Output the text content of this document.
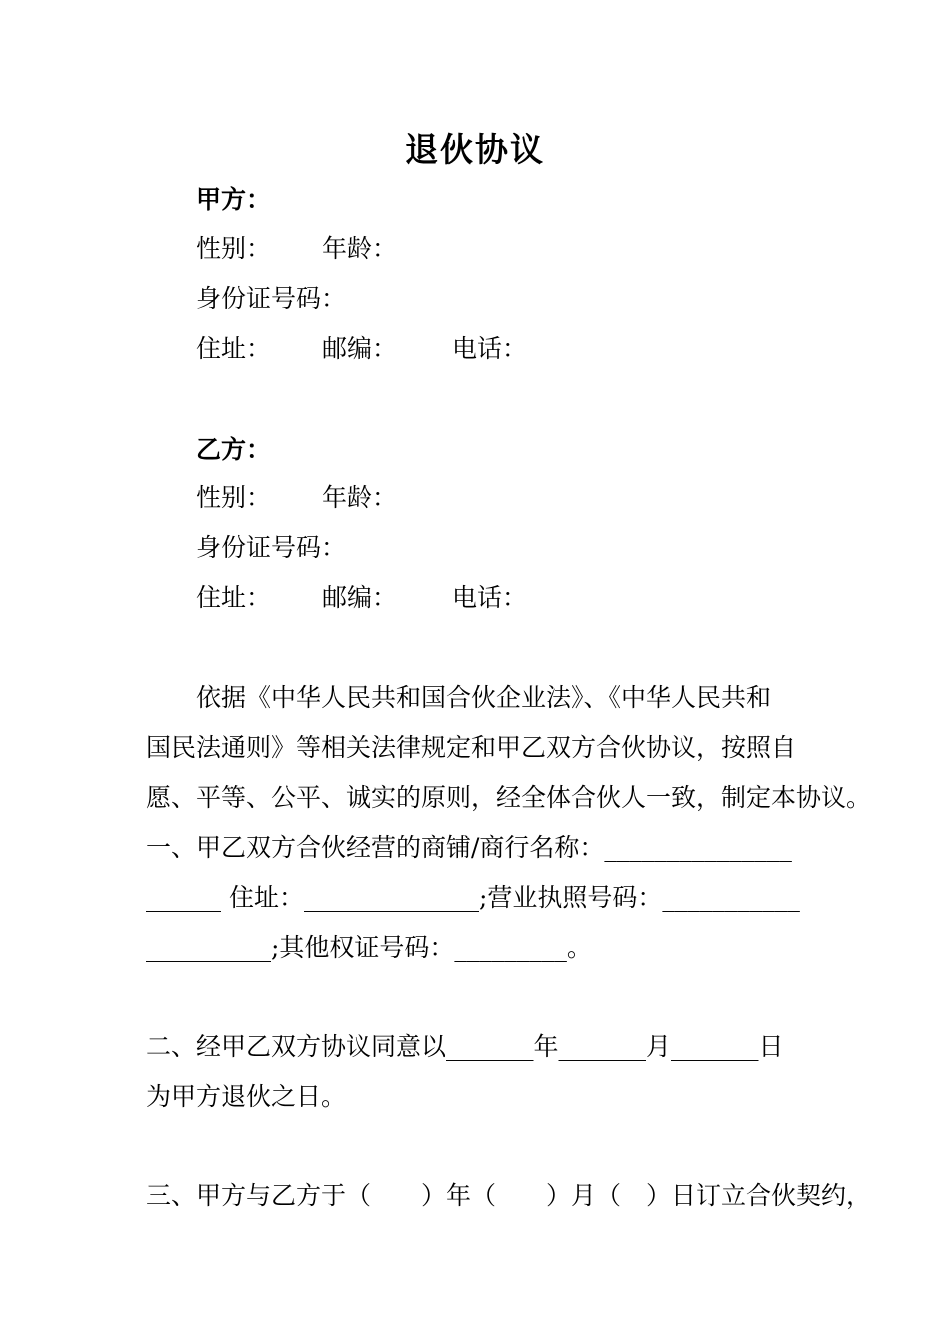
退伙协议
甲方：
性别： 年龄：
身份证号码：
住址： 邮编： 电话：
乙方：
性别： 年龄：
身份证号码：
住址： 邮编： 电话：
依据《中华人民共和国合伙企业法》、《中华人民共和
国民法通则》等相关法律规定和甲乙双方合伙协议，按照自
愿、平等、公平、诚实的原则，经全体合伙人一致，制定本协议。
一、甲乙双方合伙经营的商铺/商行名称：_______________
______ 住址：______________;营业执照号码：___________
__________;其他权证号码：_________。
二、经甲乙双方协议同意以_______年_______月_______日
为甲方退伙之日。
三、甲方与乙方于（　　）年（　　）月（　）日订立合伙契约，
